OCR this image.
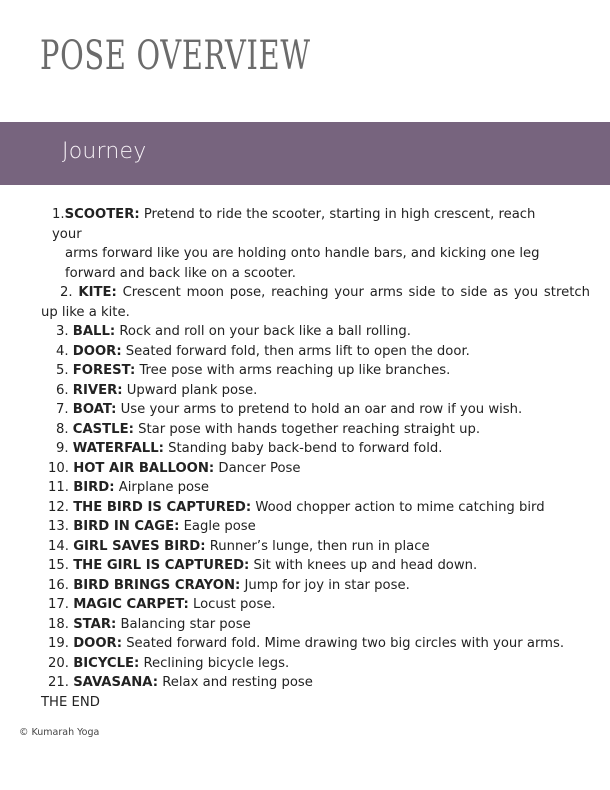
POSE OVERVIEW
Journey
1.SCOOTER: Pretend to ride the scooter, starting in high crescent, reach your
arms forward like you are holding onto handle bars, and kicking one leg
forward and back like on a scooter.
2. KITE: Crescent moon pose, reaching your arms side to side as you stretch
up like a kite.
3. BALL: Rock and roll on your back like a ball rolling.
4. DOOR: Seated forward fold, then arms lift to open the door.
5. FOREST: Tree pose with arms reaching up like branches.
6. RIVER: Upward plank pose.
7. BOAT: Use your arms to pretend to hold an oar and row if you wish.
8. CASTLE: Star pose with hands together reaching straight up.
9. WATERFALL: Standing baby back-bend to forward fold.
10. HOT AIR BALLOON: Dancer Pose
11. BIRD: Airplane pose
12. THE BIRD IS CAPTURED: Wood chopper action to mime catching bird
13. BIRD IN CAGE: Eagle pose
14. GIRL SAVES BIRD: Runner’s lunge, then run in place
15. THE GIRL IS CAPTURED: Sit with knees up and head down.
16. BIRD BRINGS CRAYON: Jump for joy in star pose.
17. MAGIC CARPET: Locust pose.
18. STAR: Balancing star pose
19. DOOR: Seated forward fold. Mime drawing two big circles with your arms.
20. BICYCLE: Reclining bicycle legs.
21. SAVASANA: Relax and resting pose
THE END
© Kumarah Yoga
